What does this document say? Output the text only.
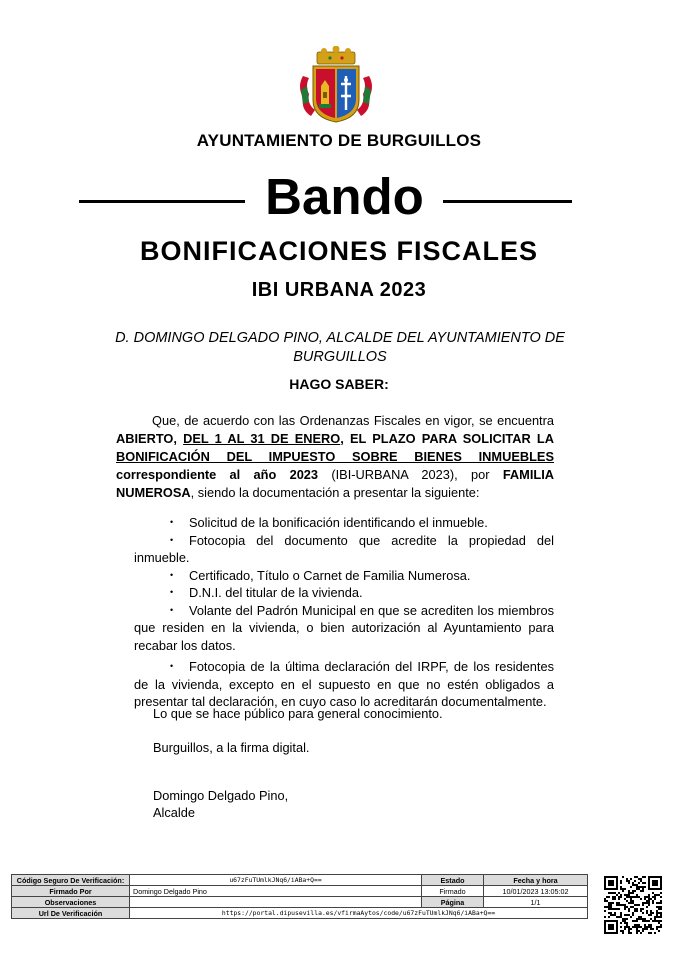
AYUNTAMIENTO DE BURGUILLOS
Bando
BONIFICACIONES FISCALES
IBI URBANA 2023
D. DOMINGO DELGADO PINO, ALCALDE DEL AYUNTAMIENTO DE BURGUILLOS
HAGO SABER:
Que, de acuerdo con las Ordenanzas Fiscales en vigor, se encuentra ABIERTO, DEL 1 AL 31 DE ENERO, EL PLAZO PARA SOLICITAR LA BONIFICACIÓN DEL IMPUESTO SOBRE BIENES INMUEBLES correspondiente al año 2023 (IBI-URBANA 2023), por FAMILIA NUMEROSA, siendo la documentación a presentar la siguiente:
• Solicitud de la bonificación identificando el inmueble.
• Fotocopia del documento que acredite la propiedad del inmueble.
• Certificado, Título o Carnet de Familia Numerosa.
• D.N.I. del titular de la vivienda.
• Volante del Padrón Municipal en que se acrediten los miembros que residen en la vivienda, o bien autorización al Ayuntamiento para recabar los datos.
• Fotocopia de la última declaración del IRPF, de los residentes de la vivienda, excepto en el supuesto en que no estén obligados a presentar tal declaración, en cuyo caso lo acreditarán documentalmente.
Lo que se hace público para general conocimiento.
Burguillos, a la firma digital.
Domingo Delgado Pino,
Alcalde
Código Seguro De Verificación:	u67zFuTUmlkJNq6/iABa+Q==	Estado	Fecha y hora
Firmado Por	Domingo Delgado Pino	Firmado	10/01/2023 13:05:02
Observaciones		Página	1/1
Url De Verificación	https://portal.dipusevilla.es/vfirmaAytos/code/u67zFuTUmlkJNq6/iABa+Q==		
